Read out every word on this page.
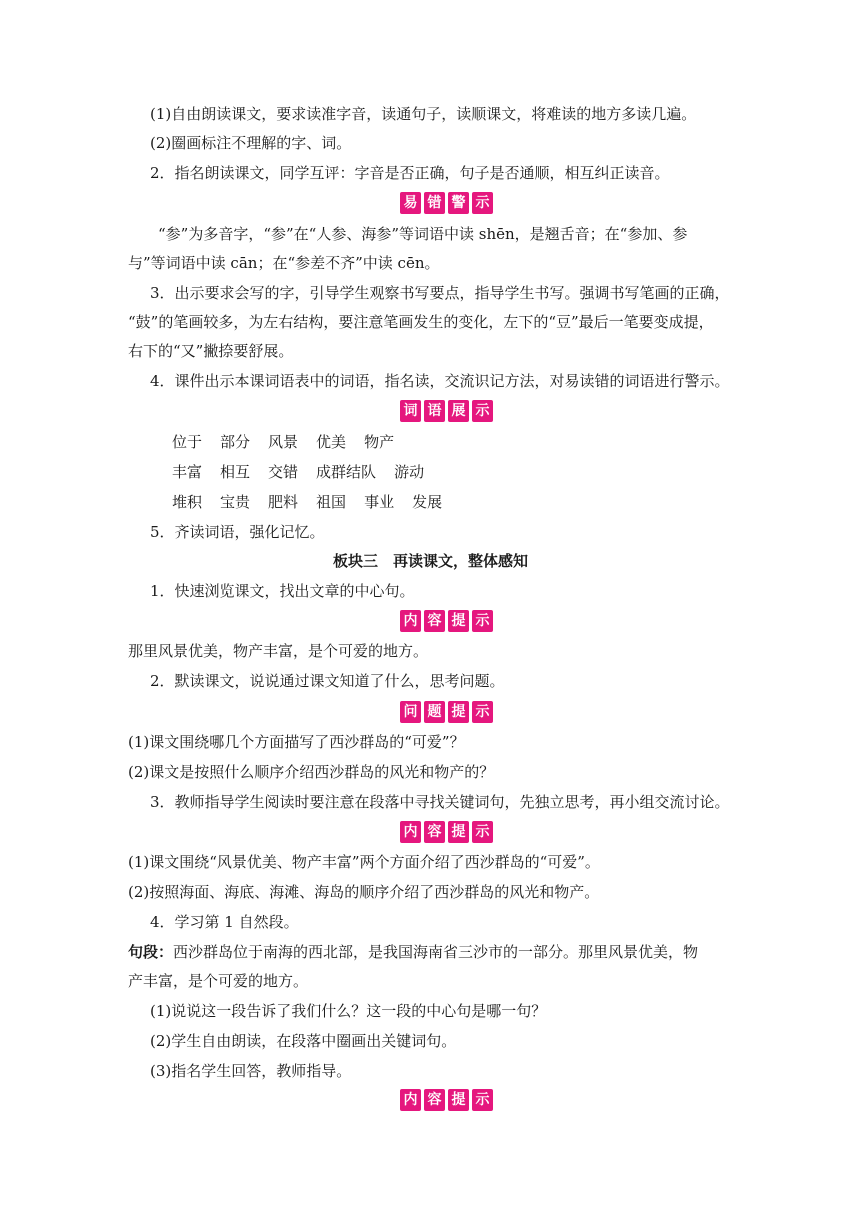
(1)自由朗读课文，要求读准字音，读通句子，读顺课文，将难读的地方多读几遍。
(2)圈画标注不理解的字、词。
2．指名朗读课文，同学互评：字音是否正确，句子是否通顺，相互纠正读音。
易 错 警 示
“参”为多音字，“参”在“人参、海参”等词语中读 shēn，是翘舌音；在“参加、参
与”等词语中读 cān；在“参差不齐”中读 cēn。
3．出示要求会写的字，引导学生观察书写要点，指导学生书写。强调书写笔画的正确，
“鼓”的笔画较多，为左右结构，要注意笔画发生的变化，左下的“豆”最后一笔要变成提，
右下的“又”撇捺要舒展。
4．课件出示本课词语表中的词语，指名读，交流识记方法，对易读错的词语进行警示。
词 语 展 示
位于 部分 风景 优美 物产
丰富 相互 交错 成群结队 游动
堆积 宝贵 肥料 祖国 事业 发展
5．齐读词语，强化记忆。
板块三　再读课文，整体感知
1．快速浏览课文，找出文章的中心句。
内 容 提 示
那里风景优美，物产丰富，是个可爱的地方。
2．默读课文，说说通过课文知道了什么，思考问题。
问 题 提 示
(1)课文围绕哪几个方面描写了西沙群岛的“可爱”？
(2)课文是按照什么顺序介绍西沙群岛的风光和物产的？
3．教师指导学生阅读时要注意在段落中寻找关键词句，先独立思考，再小组交流讨论。
内 容 提 示
(1)课文围绕“风景优美、物产丰富”两个方面介绍了西沙群岛的“可爱”。
(2)按照海面、海底、海滩、海岛的顺序介绍了西沙群岛的风光和物产。
4．学习第 1 自然段。
句段：西沙群岛位于南海的西北部，是我国海南省三沙市的一部分。那里风景优美，物
产丰富，是个可爱的地方。
(1)说说这一段告诉了我们什么？这一段的中心句是哪一句？
(2)学生自由朗读，在段落中圈画出关键词句。
(3)指名学生回答，教师指导。
内 容 提 示
